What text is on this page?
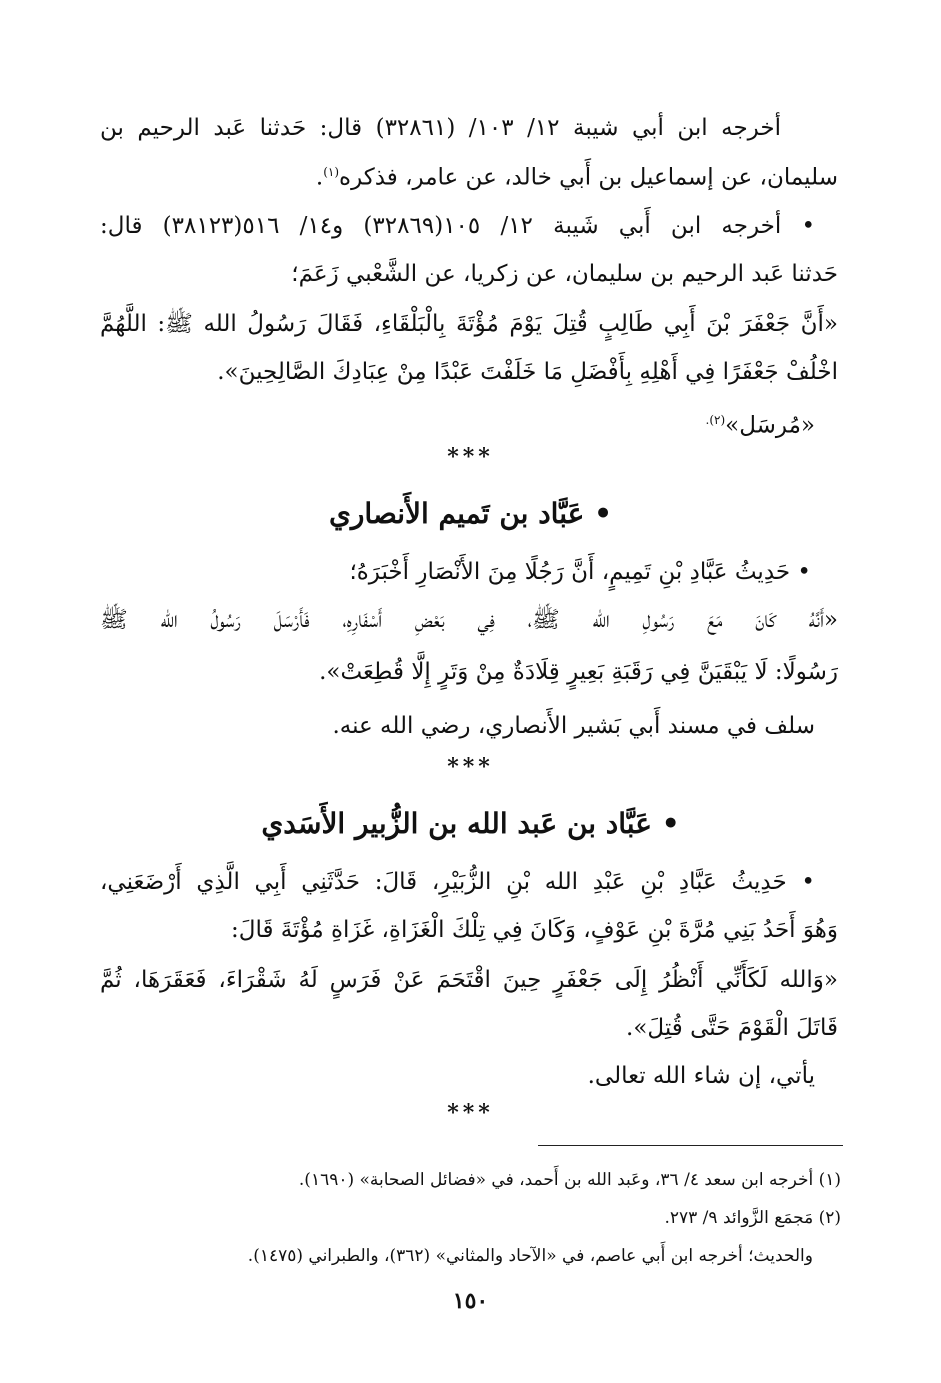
أخرجه ابن أبي شيبة ١٢/ ١٠٣/ (٣٢٨٦١) قال: حَدثنا عَبد الرحيم بن
سليمان، عن إسماعيل بن أَبي خالد، عن عامر، فذكره$^{(١)}$.
• أخرجه ابن أَبي شَيبة ١٢/ ١٠٥(٣٢٨٦٩) و١٤/ ٥١٦(٣٨١٢٣) قال:
حَدثنا عَبد الرحيم بن سليمان، عن زكريا، عن الشَّعْبي زَعَمَ؛
«أَنَّ جَعْفَرَ بْنَ أَبِي طَالِبٍ قُتِلَ يَوْمَ مُؤْتَةَ بِالْبَلْقَاءِ، فَقَالَ رَسُولُ الله ﷺ: اللَّهُمَّ
اخْلُفْ جَعْفَرًا فِي أَهْلِهِ بِأَفْضَلِ مَا خَلَفْتَ عَبْدًا مِنْ عِبَادِكَ الصَّالِحِينَ».
«مُرسَل»$^{(٢).}$
***
• عَبَّاد بن تَميم الأَنصاري
• حَدِيثُ عَبَّادِ بْنِ تَمِيمٍ، أَنَّ رَجُلًا مِنَ الأَنْصَارِ أَخْبَرَهُ؛
«أَنَّهُ كَانَ مَعَ رَسُولِ الله ﷺ، فِي بَعْضِ أَسْفَارِهِ، فَأَرْسَلَ رَسُولُ الله ﷺ
رَسُولًا: لَا يَبْقَيَنَّ فِي رَقَبَةِ بَعِيرٍ قِلَادَةٌ مِنْ وَتَرٍ إِلَّا قُطِعَتْ».
سلف في مسند أَبي بَشير الأَنصاري، رضي الله عنه.
***
• عَبَّاد بن عَبد الله بن الزُّبير الأَسَدي
• حَدِيثُ عَبَّادِ بْنِ عَبْدِ الله بْنِ الزُّبَيْرِ، قَالَ: حَدَّثَنِي أَبِي الَّذِي أَرْضَعَنِي،
وَهُوَ أَحَدُ بَنِي مُرَّةَ بْنِ عَوْفٍ، وَكَانَ فِي تِلْكَ الْغَزَاةِ، غَزَاةِ مُؤْتَةَ قَالَ:
«وَالله لَكَأَنِّي أَنْظُرُ إِلَى جَعْفَرٍ حِينَ اقْتَحَمَ عَنْ فَرَسٍ لَهُ شَقْرَاءَ، فَعَقَرَهَا، ثُمَّ
قَاتَلَ الْقَوْمَ حَتَّى قُتِلَ».
يأتي، إن شاء الله تعالى.
***
(١) أخرجه ابن سعد ٤/ ٣٦، وعَبد الله بن أَحمد، في «فضائل الصحابة» (١٦٩٠).
(٢) مَجمَع الزَّوائد ٩/ ٢٧٣.
والحديث؛ أخرجه ابن أَبي عاصم، في «الآحاد والمثاني» (٣٦٢)، والطبراني (١٤٧٥).
١٥٠
